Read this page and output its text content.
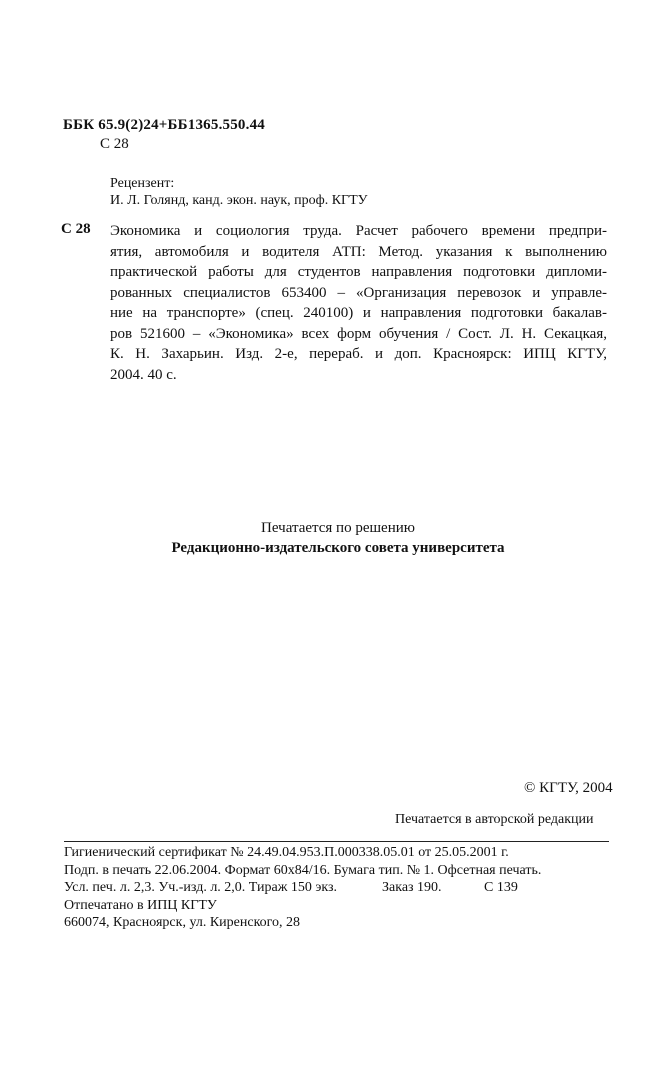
ББК 65.9(2)24+ББ1365.550.44
С 28
Рецензент:
И. Л. Голянд, канд. экон. наук, проф. КГТУ
С 28 Экономика и социология труда. Расчет рабочего времени предпри-
ятия, автомобиля и водителя АТП: Метод. указания к выполнению
практической работы для студентов направления подготовки дипломи-
рованных специалистов 653400 – «Организация перевозок и управле-
ние на транспорте» (спец. 240100) и направления подготовки бакалав-
ров 521600 – «Экономика» всех форм обучения / Сост. Л. Н. Секацкая,
К. Н. Захарьин. Изд. 2-е, перераб. и доп. Красноярск: ИПЦ КГТУ,
2004. 40 с.
Печатается по решению
Редакционно-издательского совета университета
© КГТУ, 2004
Печатается в авторской редакции
Гигиенический сертификат № 24.49.04.953.П.000338.05.01 от 25.05.2001 г.
Подп. в печать 22.06.2004. Формат 60х84/16. Бумага тип. № 1. Офсетная печать.
Усл. печ. л. 2,3. Уч.-изд. л. 2,0. Тираж 150 экз.	Заказ 190.	С 139
Отпечатано в ИПЦ КГТУ
660074, Красноярск, ул. Киренского, 28
